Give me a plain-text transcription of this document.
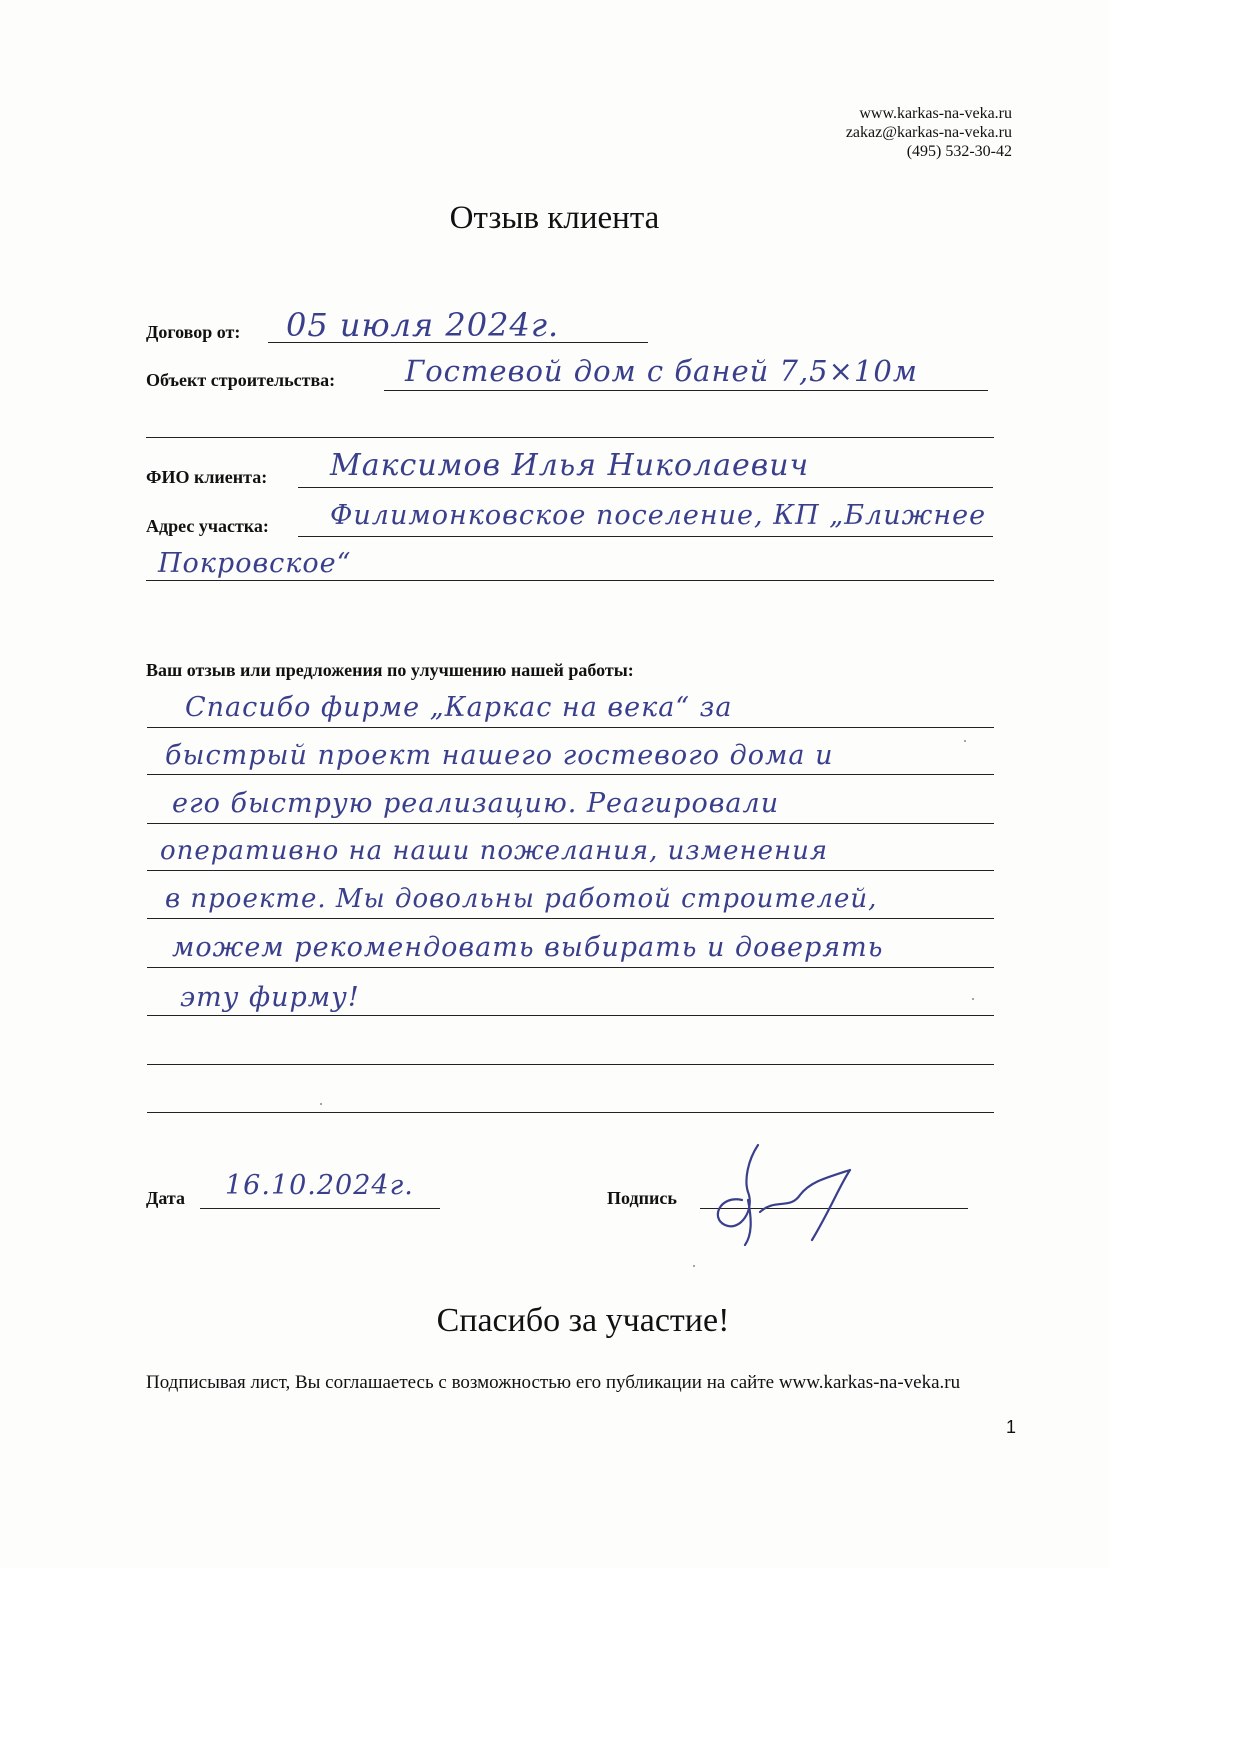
www.karkas-na-veka.ru
zakaz@karkas-na-veka.ru
(495) 532-30-42
Отзыв клиента
Договор от: 05 июля 2024г.
Объект строительства: Гостевой дом с баней 7,5×10м
ФИО клиента: Максимов Илья Николаевич
Адрес участка: Филимонковское поселение, КП „Ближнее
Покровское“
Ваш отзыв или предложения по улучшению нашей работы:
Спасибо фирме „Каркас на века“ за
быстрый проект нашего гостевого дома и
его быструю реализацию. Реагировали
оперативно на наши пожелания, изменения
в проекте. Мы довольны работой строителей,
можем рекомендовать выбирать и доверять
эту фирму!
Дата 16.10.2024г.	Подпись
Спасибо за участие!
Подписывая лист, Вы соглашаетесь с возможностью его публикации на сайте www.karkas-na-veka.ru
1
